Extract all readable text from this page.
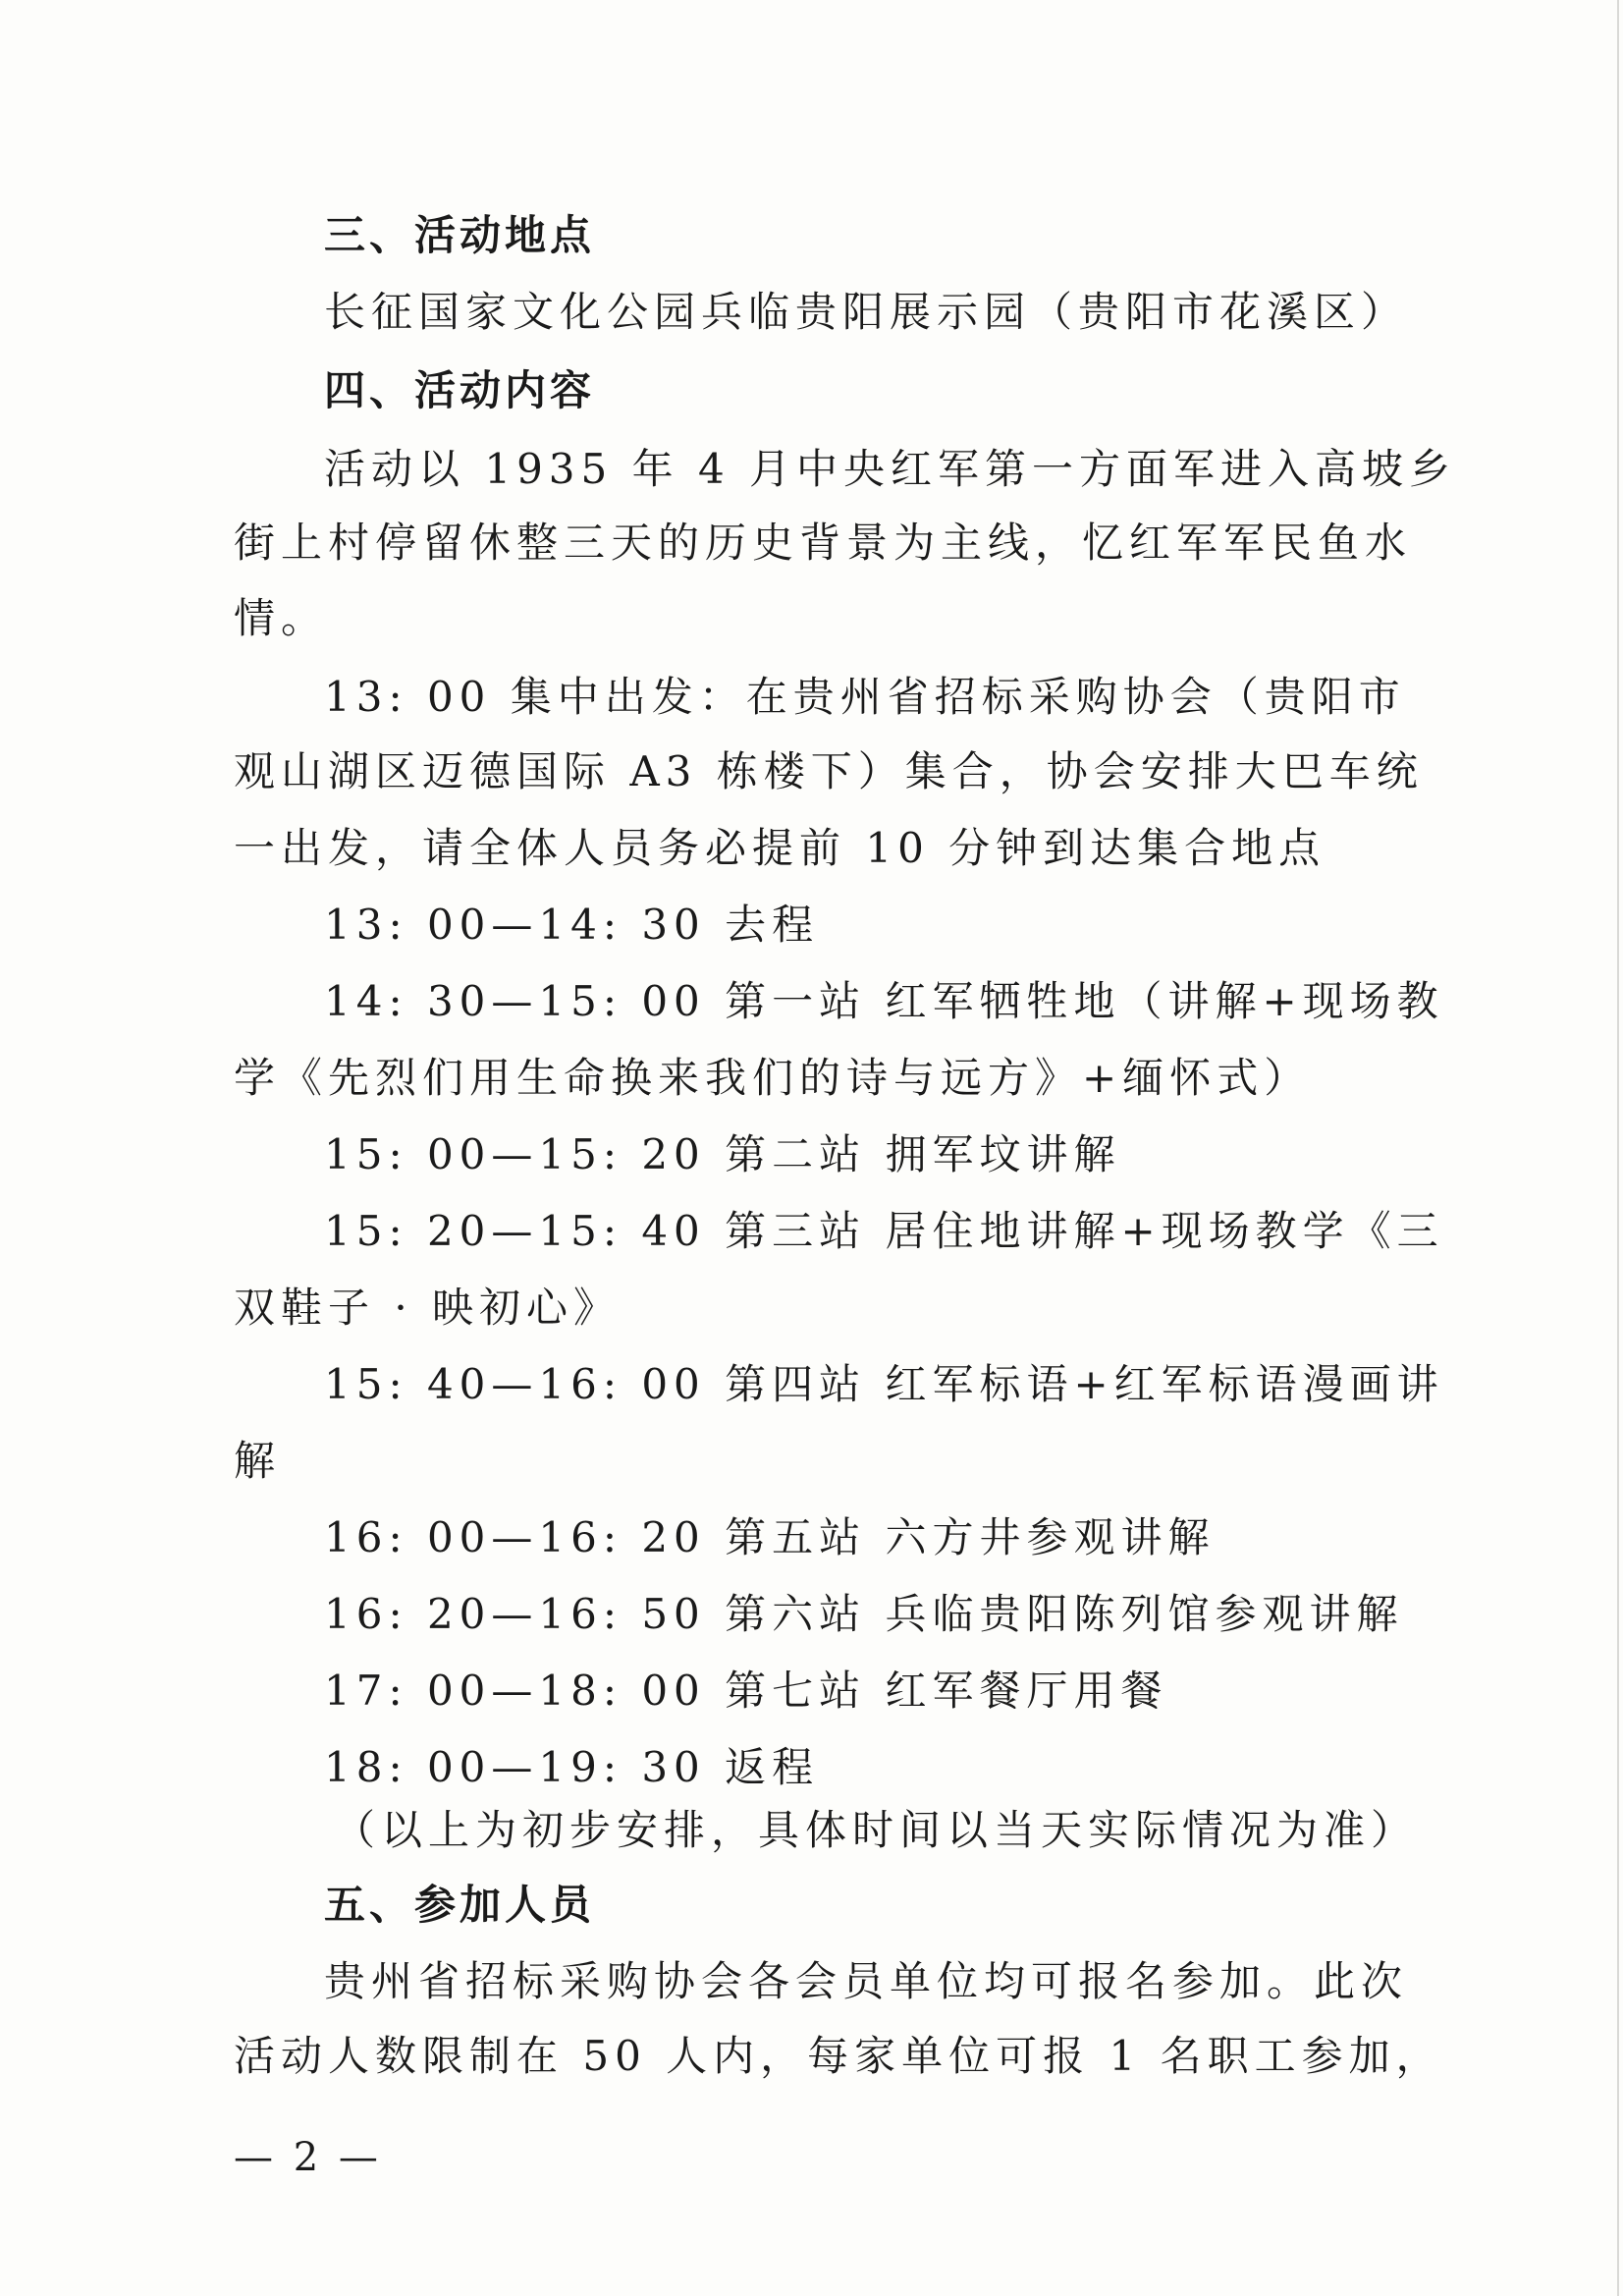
三、活动地点
长征国家文化公园兵临贵阳展示园（贵阳市花溪区）
四、活动内容
活动以 1935 年 4 月中央红军第一方面军进入高坡乡
街上村停留休整三天的历史背景为主线，忆红军军民鱼水
情。
13: 00 集中出发：在贵州省招标采购协会（贵阳市
观山湖区迈德国际 A3 栋楼下）集合，协会安排大巴车统
一出发，请全体人员务必提前 10 分钟到达集合地点
13: 00—14: 30 去程
14: 30—15: 00 第一站 红军牺牲地（讲解+现场教
学《先烈们用生命换来我们的诗与远方》+缅怀式）
15: 00—15: 20 第二站 拥军坟讲解
15: 20—15: 40 第三站 居住地讲解+现场教学《三
双鞋子 · 映初心》
15: 40—16: 00 第四站 红军标语+红军标语漫画讲
解
16: 00—16: 20 第五站 六方井参观讲解
16: 20—16: 50 第六站 兵临贵阳陈列馆参观讲解
17: 00—18: 00 第七站 红军餐厅用餐
18: 00—19: 30 返程
（以上为初步安排，具体时间以当天实际情况为准）
五、参加人员
贵州省招标采购协会各会员单位均可报名参加。此次
活动人数限制在 50 人内，每家单位可报 1 名职工参加，
— 2 —
